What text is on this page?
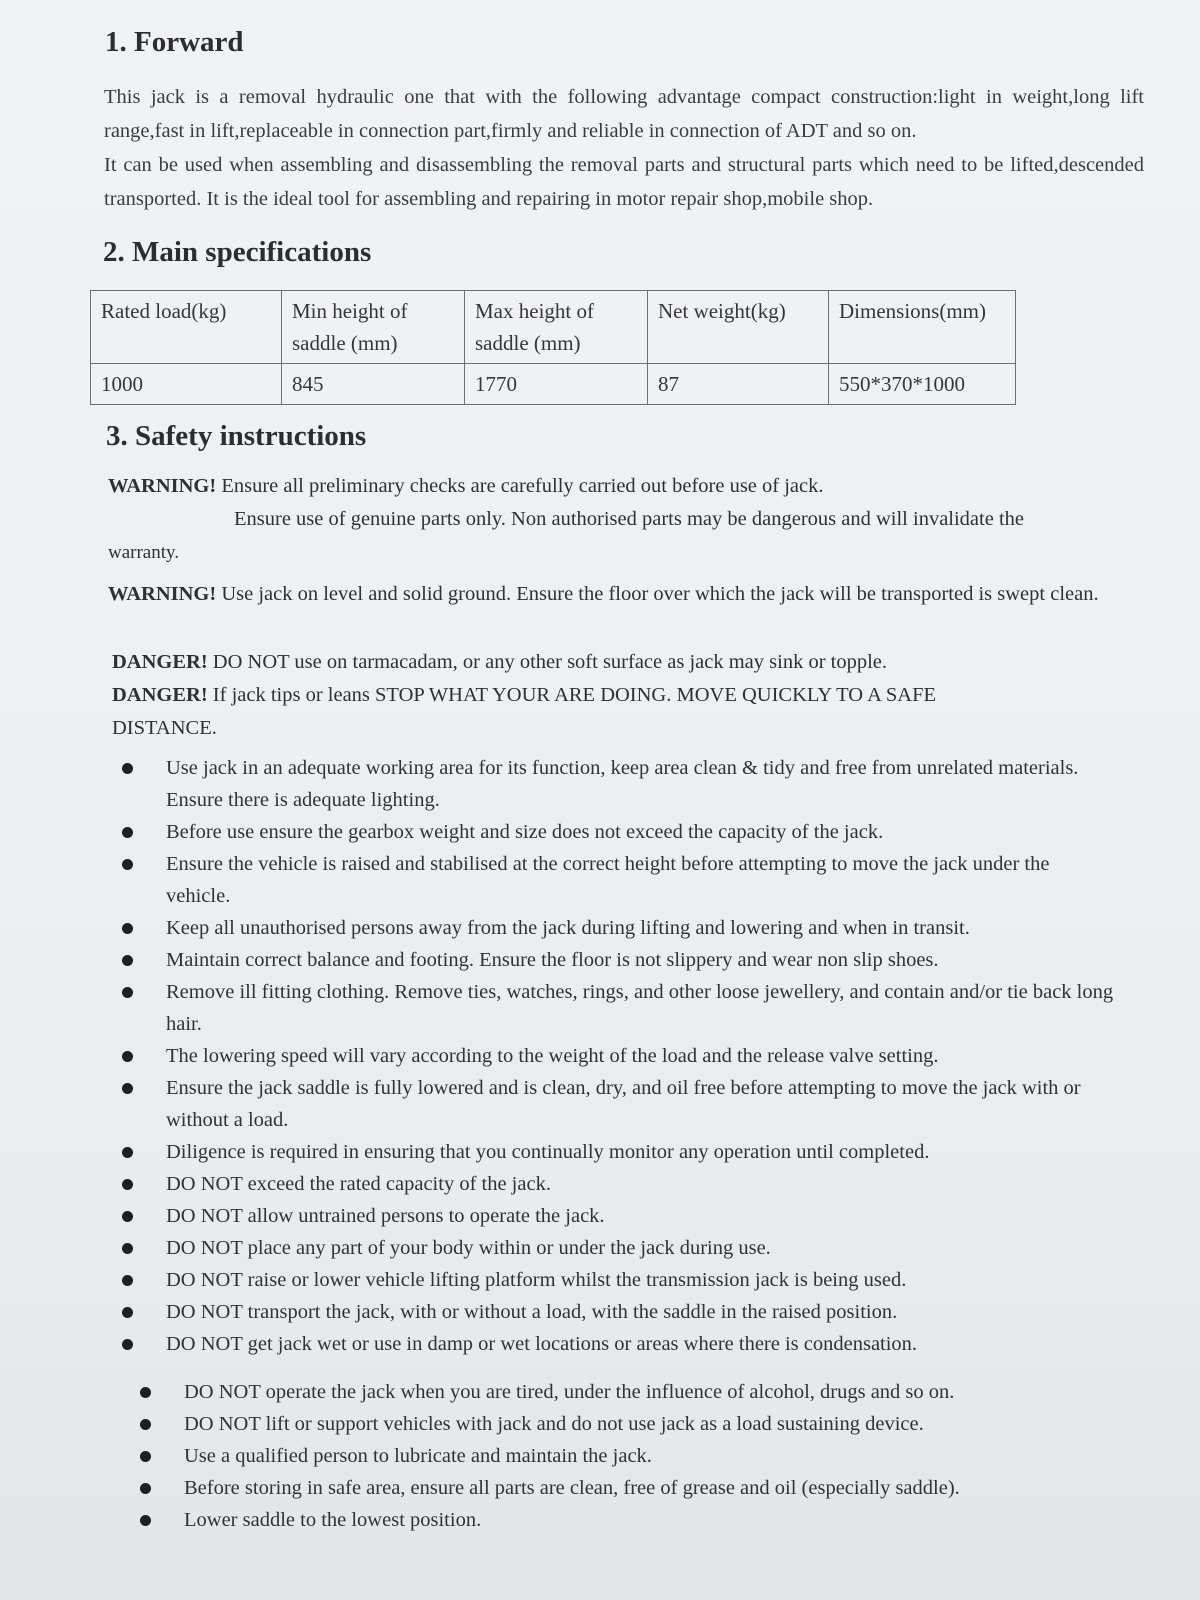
1. Forward
This jack is a removal hydraulic one that with the following advantage compact construction:light in weight,long lift range,fast in lift,replaceable in connection part,firmly and reliable in connection of ADT and so on.
It can be used when assembling and disassembling the removal parts and structural parts which need to be lifted,descended transported. It is the ideal tool for assembling and repairing in motor repair shop,mobile shop.
2. Main specifications
Rated load(kg)	Min height of saddle (mm)	Max height of saddle (mm)	Net weight(kg)	Dimensions(mm)
1000	845	1770	87	550*370*1000
3. Safety instructions
WARNING! Ensure all preliminary checks are carefully carried out before use of jack.
Ensure use of genuine parts only. Non authorised parts may be dangerous and will invalidate the
warranty.
WARNING! Use jack on level and solid ground. Ensure the floor over which the jack will be transported is swept clean.
DANGER! DO NOT use on tarmacadam, or any other soft surface as jack may sink or topple.
DANGER! If jack tips or leans STOP WHAT YOUR ARE DOING. MOVE QUICKLY TO A SAFE DISTANCE.
Use jack in an adequate working area for its function, keep area clean & tidy and free from unrelated materials. Ensure there is adequate lighting.
Before use ensure the gearbox weight and size does not exceed the capacity of the jack.
Ensure the vehicle is raised and stabilised at the correct height before attempting to move the jack under the vehicle.
Keep all unauthorised persons away from the jack during lifting and lowering and when in transit.
Maintain correct balance and footing. Ensure the floor is not slippery and wear non slip shoes.
Remove ill fitting clothing. Remove ties, watches, rings, and other loose jewellery, and contain and/or tie back long hair.
The lowering speed will vary according to the weight of the load and the release valve setting.
Ensure the jack saddle is fully lowered and is clean, dry, and oil free before attempting to move the jack with or without a load.
Diligence is required in ensuring that you continually monitor any operation until completed.
DO NOT exceed the rated capacity of the jack.
DO NOT allow untrained persons to operate the jack.
DO NOT place any part of your body within or under the jack during use.
DO NOT raise or lower vehicle lifting platform whilst the transmission jack is being used.
DO NOT transport the jack, with or without a load, with the saddle in the raised position.
DO NOT get jack wet or use in damp or wet locations or areas where there is condensation.
DO NOT operate the jack when you are tired, under the influence of alcohol, drugs and so on.
DO NOT lift or support vehicles with jack and do not use jack as a load sustaining device.
Use a qualified person to lubricate and maintain the jack.
Before storing in safe area, ensure all parts are clean, free of grease and oil (especially saddle).
Lower saddle to the lowest position.
